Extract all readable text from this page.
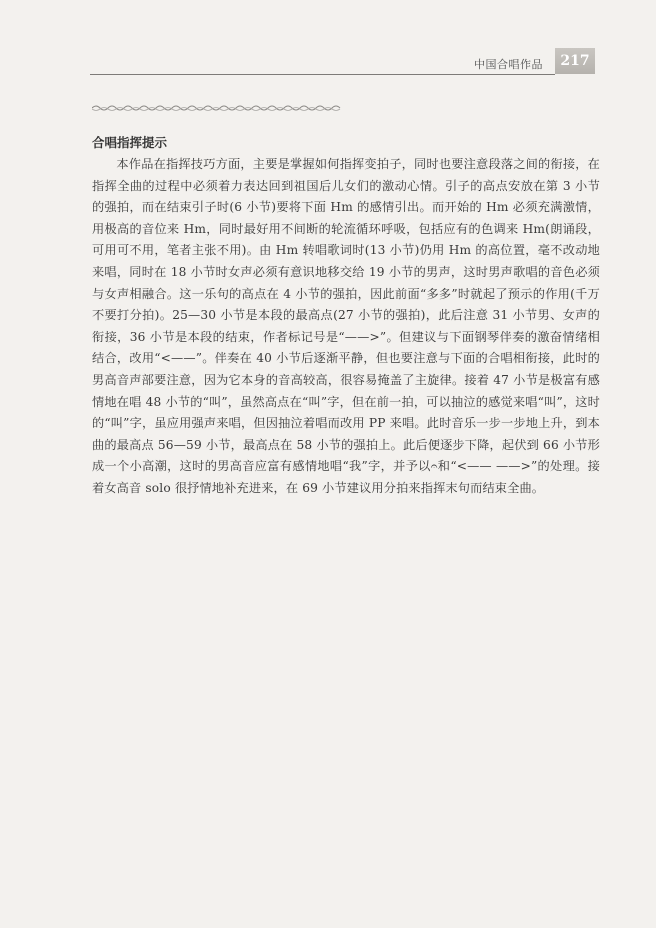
中国合唱作品	217
合唱指挥提示

本作品在指挥技巧方面，主要是掌握如何指挥变拍子，同时也要注意段落之间的衔接，在指挥全曲的过程中必须着力表达回到祖国后儿女们的激动心情。引子的高点安放在第 3 小节的强拍，而在结束引子时(6 小节)要将下面 Hm 的感情引出。而开始的 Hm 必须充满激情，用极高的音位来 Hm，同时最好用不间断的轮流循环呼吸，包括应有的色调来 Hm(朗诵段，可用可不用，笔者主张不用)。由 Hm 转唱歌词时(13 小节)仍用 Hm 的高位置，毫不改动地来唱，同时在 18 小节时女声必须有意识地移交给 19 小节的男声，这时男声歌唱的音色必须与女声相融合。这一乐句的高点在 4 小节的强拍，因此前面“多多”时就起了预示的作用(千万不要打分拍)。25—30 小节是本段的最高点(27 小节的强拍)，此后注意 31 小节男、女声的衔接，36 小节是本段的结束，作者标记号是“——>”。但建议与下面钢琴伴奏的激奋情绪相结合，改用“<——”。伴奏在 40 小节后逐渐平静，但也要注意与下面的合唱相衔接，此时的男高音声部要注意，因为它本身的音高较高，很容易掩盖了主旋律。接着 47 小节是极富有感情地在唱 48 小节的“叫”，虽然高点在“叫”字，但在前一拍，可以抽泣的感觉来唱“叫”，这时的“叫”字，虽应用强声来唱，但因抽泣着唱而改用 PP 来唱。此时音乐一步一步地上升，到本曲的最高点 56—59 小节，最高点在 58 小节的强拍上。此后便逐步下降，起伏到 66 小节形成一个小高潮，这时的男高音应富有感情地唱“我”字，并予以𝄐和“<—— ——>”的处理。接着女高音 solo 很抒情地补充进来，在 69 小节建议用分拍来指挥末句而结束全曲。
